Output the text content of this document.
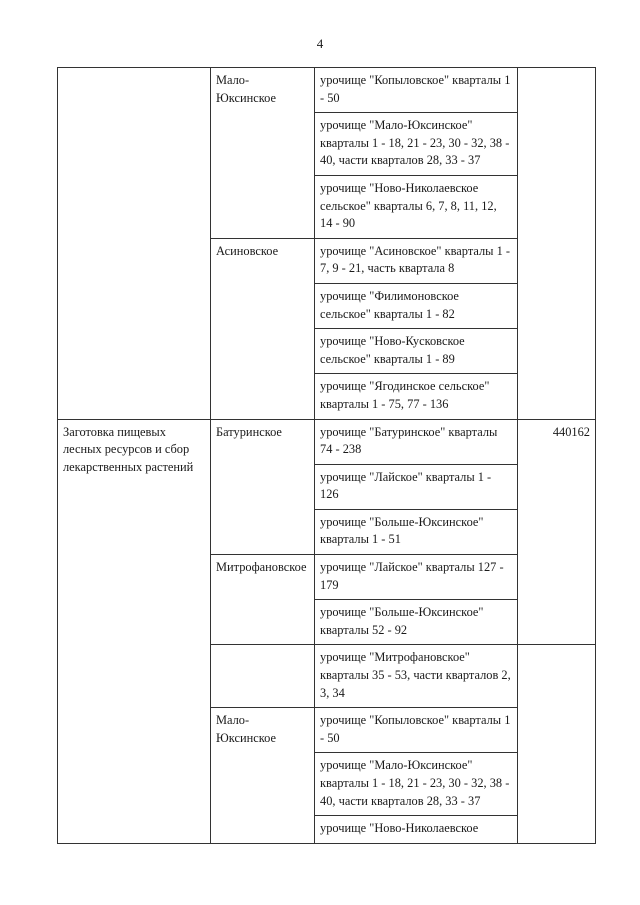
4
	Мало-Юксинское	урочище "Копыловское" кварталы 1 - 50	
		урочище "Мало-Юксинское" кварталы 1 - 18, 21 - 23, 30 - 32, 38 - 40, части кварталов 28, 33 - 37	
		урочище "Ново-Николаевское сельское" кварталы 6, 7, 8, 11, 12, 14 - 90	
	Асиновское	урочище "Асиновское" кварталы 1 - 7, 9 - 21, часть квартала 8	
		урочище "Филимоновское сельское" кварталы 1 - 82	
		урочище "Ново-Кусковское сельское" кварталы 1 - 89	
		урочище "Ягодинское сельское" кварталы 1 - 75, 77 - 136	
Заготовка пищевых лесных ресурсов и сбор лекарственных растений	Батуринское	урочище "Батуринское" кварталы 74 - 238	440162
		урочище "Лайское" кварталы 1 - 126	
		урочище "Больше-Юксинское" кварталы 1 - 51	
	Митрофановское	урочище "Лайское" кварталы 127 - 179	
		урочище "Больше-Юксинское" кварталы 52 - 92	
		урочище "Митрофановское" кварталы 35 - 53, части кварталов 2, 3, 34	
	Мало-Юксинское	урочище "Копыловское" кварталы 1 - 50	
		урочище "Мало-Юксинское" кварталы 1 - 18, 21 - 23, 30 - 32, 38 - 40, части кварталов 28, 33 - 37	
		урочище "Ново-Николаевское	
